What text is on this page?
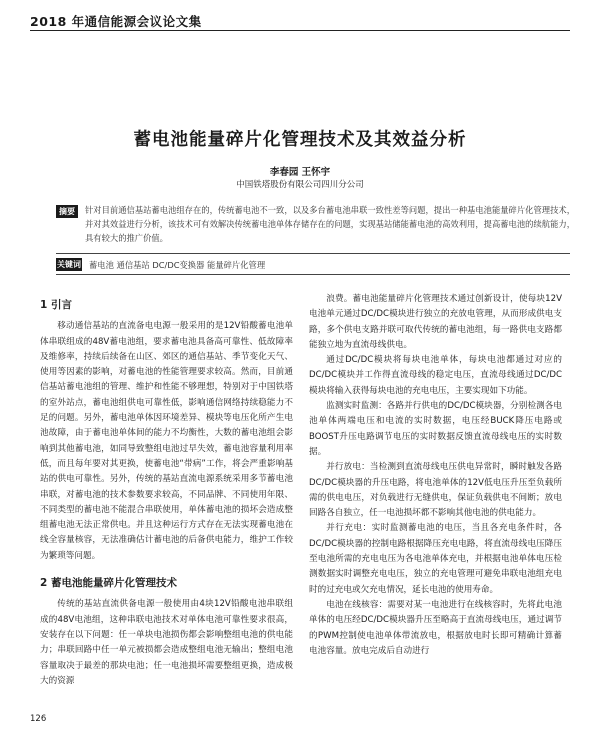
2018 年通信能源会议论文集
蓄电池能量碎片化管理技术及其效益分析
李春园 王怀宇
中国铁塔股份有限公司四川分公司
摘要	针对目前通信基站蓄电池组存在的，传统蓄电池不一致，以及多台蓄电池串联一致性差等问题，提出一种基电池能量碎片化管理技术，并对其效益进行分析，该技术可有效解决传统蓄电池单体存储存在的问题，实现基站储能蓄电池的高效利用，提高蓄电池的续航能力，具有较大的推广价值。
关键词 蓄电池 通信基站 DC/DC变换器 能量碎片化管理
1 引言

移动通信基站的直流备电电源一般采用的是12V铅酸蓄电池单体串联组成的48V蓄电池组，要求蓄电池具备高可靠性、低故障率及维修率，持续后续备在山区、郊区的通信基站、季节变化天气、使用等因素的影响，对蓄电池的性能管理要求较高。然而，目前通信基站蓄电池组的管理、维护和性能不够理想，特别对于中国铁塔的室外站点，蓄电池组供电可靠性低，影响通信网络持续稳能力不足的问题。另外，蓄电池单体因环境差异、模块等电压化所产生电池故障，由于蓄电池单体间的能力不均衡性，大数的蓄电池组会影响到其他蓄电池，如同导致整组电池过早失效，蓄电池容量利用率低，而且每年要对其更换，使蓄电池“带病”工作，将会严重影响基站的供电可靠性。另外，传统的基站直流电源系统采用多节蓄电池串联，对蓄电池的技术参数要求较高，不同品牌、不同使用年限、不同类型的蓄电池不能混合串联使用，单体蓄电池的损坏会造成整组蓄电池无法正常供电。并且这种运行方式存在无法实现蓄电池在线全容量核容，无法准确估计蓄电池的后备供电能力，维护工作较为繁琐等问题。

2 蓄电池能量碎片化管理技术

传统的基站直流供备电源一般使用由4块12V铅酸电池串联组成的48V电池组，这种串联电池技术对单体电池可靠性要求很高，安装存在以下问题：任一单块电池损伤都会影响整组电池的供电能力；串联回路中任一单元被损都会造成整组电池无输出；整组电池容量取决于最差的那块电池；任一电池损坏需要整组更换，造成极大的资源

浪费。蓄电池能量碎片化管理技术通过创新设计，使每块12V电池单元通过DC/DC模块进行独立的充放电管理，从而形成供电支路，多个供电支路并联可取代传统的蓄电池组，每一路供电支路都能独立地为直流母线供电。

通过DC/DC模块将每块电池单体，每块电池都通过对应的DC/DC模块并工作得直流母线的稳定电压，直流母线通过DC/DC模块将输入获得每块电池的充电电压，主要实现如下功能。

监测实时监测：各路并行供电的DC/DC模块器，分别检测各电池单体两端电压和电流的实时数据，电压经BUCK降压电路或BOOST升压电路调节电压的实时数据反馈直流母线电压的实时数据。

并行放电：当检测到直流母线电压供电异常时，瞬时触发各路DC/DC模块器的升压电路，将电池单体的12V低电压升压至负载所需的供电电压，对负载进行无缝供电，保证负载供电不间断；放电回路各自独立，任一电池损坏都不影响其他电池的供电能力。

并行充电：实时监测蓄电池的电压，当且各充电条件时，各DC/DC模块器的控制电路根据降压充电电路，将直流母线电压降压至电池所需的充电电压为各电池单体充电，并根据电池单体电压检测数据实时调整充电电压，独立的充电管理可避免串联电池组充电时的过充电或欠充电情况，延长电池的使用寿命。

电池在线核容：需要对某一电池进行在线核容时，先将此电池单体的电压经DC/DC模块器升压至略高于直流母线电压，通过调节的PWM控制使电池单体带流放电，根据放电时长即可精确计算蓄电池容量。放电完成后自动进行

126
